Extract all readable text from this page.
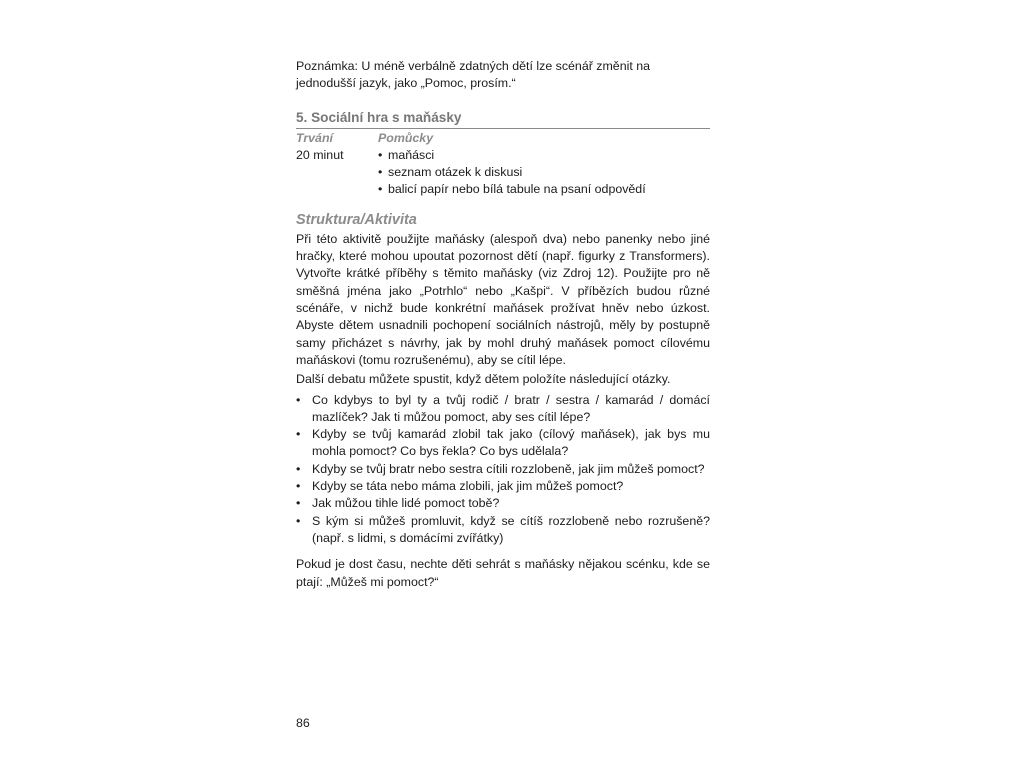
Poznámka: U méně verbálně zdatných dětí lze scénář změnit na jednodušší jazyk, jako „Pomoc, prosím.“

5. Sociální hra s maňásky
Trvání	Pomůcky
20 minut	• maňásci
• seznam otázek k diskusi
• balicí papír nebo bílá tabule na psaní odpovědí
Struktura/Aktivita

Při této aktivitě použijte maňásky (alespoň dva) nebo panenky nebo jiné hračky, které mohou upoutat pozornost dětí (např. figurky z Transformers). Vytvořte krátké příběhy s těmito maňásky (viz Zdroj 12). Použijte pro ně směšná jména jako „Potrhlo“ nebo „Kašpi“. V příbězích budou různé scénáře, v nichž bude konkrétní maňásek prožívat hněv nebo úzkost. Abyste dětem usnadnili pochopení sociálních nástrojů, měly by postupně samy přicházet s návrhy, jak by mohl druhý maňásek pomoct cílovému maňáskovi (tomu rozrušenému), aby se cítil lépe.

Další debatu můžete spustit, když dětem položíte následující otázky.

• Co kdybys to byl ty a tvůj rodič / bratr / sestra / kamarád / domácí mazlíček? Jak ti můžou pomoct, aby ses cítil lépe?
• Kdyby se tvůj kamarád zlobil tak jako (cílový maňásek), jak bys mu mohla pomoct? Co bys řekla? Co bys udělala?
• Kdyby se tvůj bratr nebo sestra cítili rozzlobeně, jak jim můžeš pomoct?
• Kdyby se táta nebo máma zlobili, jak jim můžeš pomoct?
• Jak můžou tihle lidé pomoct tobě?
• S kým si můžeš promluvit, když se cítíš rozzlobeně nebo rozrušeně? (např. s lidmi, s domácími zvířátky)

Pokud je dost času, nechte děti sehrát s maňásky nějakou scénku, kde se ptají: „Můžeš mi pomoct?“

86
